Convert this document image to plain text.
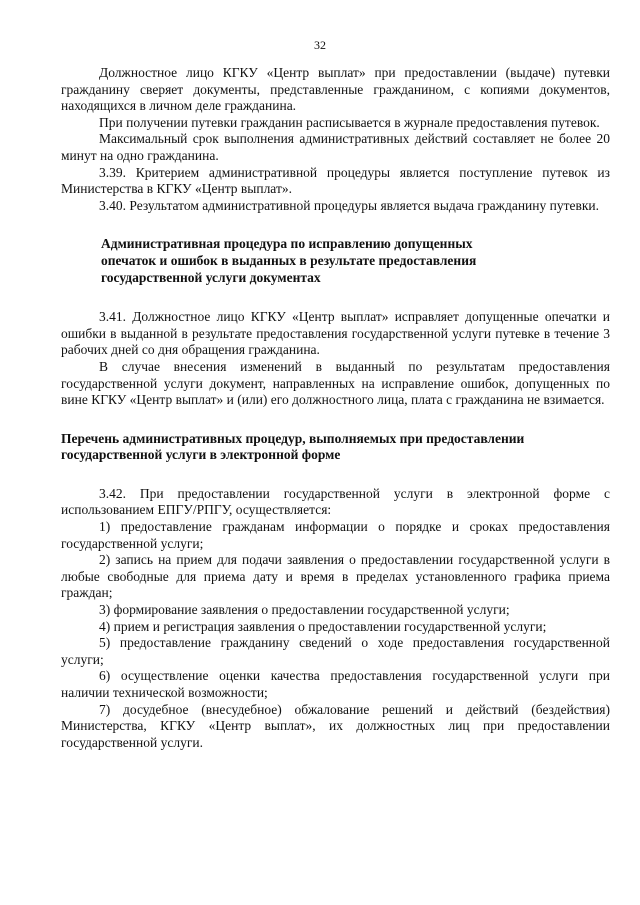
32

Должностное лицо КГКУ «Центр выплат» при предоставлении (выдаче) путевки гражданину сверяет документы, представленные гражданином, с копиями документов, находящихся в личном деле гражданина.

При получении путевки гражданин расписывается в журнале предоставления путевок.

Максимальный срок выполнения административных действий составляет не более 20 минут на одно гражданина.

3.39. Критерием административной процедуры является поступление путевок из Министерства в КГКУ «Центр выплат».

3.40. Результатом административной процедуры является выдача гражданину путевки.

Административная процедура по исправлению допущенных
опечаток и ошибок в выданных в результате предоставления
государственной услуги документах

3.41. Должностное лицо КГКУ «Центр выплат» исправляет допущенные опечатки и ошибки в выданной в результате предоставления государственной услуги путевке в течение 3 рабочих дней со дня обращения гражданина.

В случае внесения изменений в выданный по результатам предоставления государственной услуги документ, направленных на исправление ошибок, допущенных по вине КГКУ «Центр выплат» и (или) его должностного лица, плата с гражданина не взимается.

Перечень административных процедур, выполняемых при предоставлении
государственной услуги в электронной форме

3.42. При предоставлении государственной услуги в электронной форме с использованием ЕПГУ/РПГУ, осуществляется:

1) предоставление гражданам информации о порядке и сроках предоставления государственной услуги;

2) запись на прием для подачи заявления о предоставлении государственной услуги в любые свободные для приема дату и время в пределах установленного графика приема граждан;

3) формирование заявления о предоставлении государственной услуги;

4) прием и регистрация заявления о предоставлении государственной услуги;

5) предоставление гражданину сведений о ходе предоставления государственной услуги;

6) осуществление оценки качества предоставления государственной услуги при наличии технической возможности;

7) досудебное (внесудебное) обжалование решений и действий (бездействия) Министерства, КГКУ «Центр выплат», их должностных лиц при предоставлении государственной услуги.
